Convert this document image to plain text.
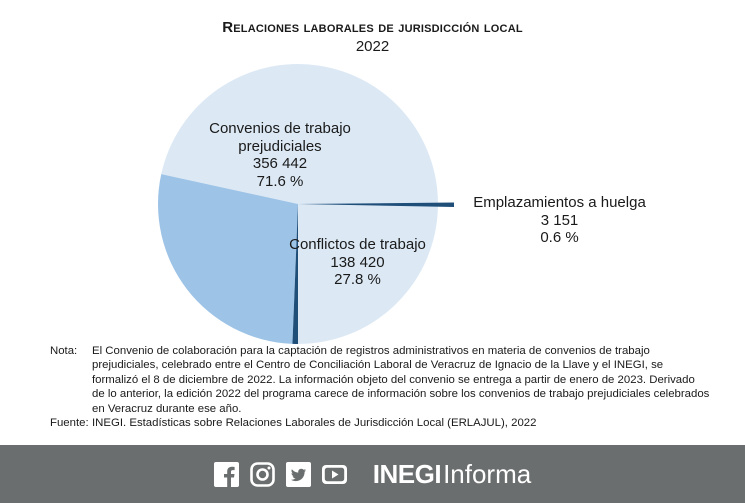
Relaciones laborales de jurisdicción local
2022
Convenios de trabajo
prejudiciales
356 442
71.6 %
Conflictos de trabajo
138 420
27.8 %
Emplazamientos a huelga
3 151
0.6 %
Nota:	El Convenio de colaboración para la captación de registros administrativos en materia de convenios de trabajo prejudiciales, celebrado entre el Centro de Conciliación Laboral de Veracruz de Ignacio de la Llave y el INEGI, se formalizó el 8 de diciembre de 2022. La información objeto del convenio se entrega a partir de enero de 2023. Derivado de lo anterior, la edición 2022 del programa carece de información sobre los convenios de trabajo prejudiciales celebrados en Veracruz durante ese año.
Fuente: INEGI. Estadísticas sobre Relaciones Laborales de Jurisdicción Local (ERLAJUL), 2022
INEGI Informa
